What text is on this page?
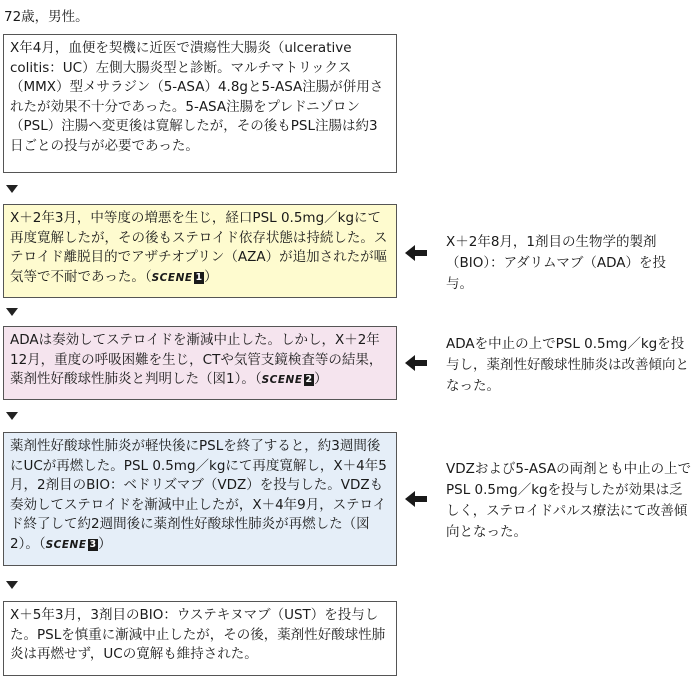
72歳，男性。
X年4月，血便を契機に近医で潰瘍性大腸炎（ulcerative colitis：UC）左側大腸炎型と診断。マルチマトリックス（MMX）型メサラジン（5-ASA）4.8gと5-ASA注腸が併用されたが効果不十分であった。5-ASA注腸をプレドニゾロン（PSL）注腸へ変更後は寛解したが，その後もPSL注腸は約3日ごとの投与が必要であった。
X＋2年3月，中等度の増悪を生じ，経口PSL 0.5mg／kgにて再度寛解したが，その後もステロイド依存状態は持続した。ステロイド離脱目的でアザチオプリン（AZA）が追加されたが嘔気等で不耐であった。（SCENE 1 ）
ADAは奏効してステロイドを漸減中止した。しかし，X＋2年12月，重度の呼吸困難を生じ，CTや気管支鏡検査等の結果，薬剤性好酸球性肺炎と判明した（図1）。（SCENE 2 ）
薬剤性好酸球性肺炎が軽快後にPSLを終了すると，約3週間後にUCが再燃した。PSL 0.5mg／kgにて再度寛解し，X＋4年5月，2剤目のBIO：ベドリズマブ（VDZ）を投与した。VDZも奏効してステロイドを漸減中止したが，X＋4年9月，ステロイド終了して約2週間後に薬剤性好酸球性肺炎が再燃した（図2）。（SCENE 3 ）
X＋5年3月，3剤目のBIO：ウステキヌマブ（UST）を投与した。PSLを慎重に漸減中止したが，その後，薬剤性好酸球性肺炎は再燃せず，UCの寛解も維持された。
X＋2年8月，1剤目の生物学的製剤（BIO）：アダリムマブ（ADA）を投与。
ADAを中止の上でPSL 0.5mg／kgを投与し，薬剤性好酸球性肺炎は改善傾向となった。
VDZおよび5-ASAの両剤とも中止の上でPSL 0.5mg／kgを投与したが効果は乏しく，ステロイドパルス療法にて改善傾向となった。
